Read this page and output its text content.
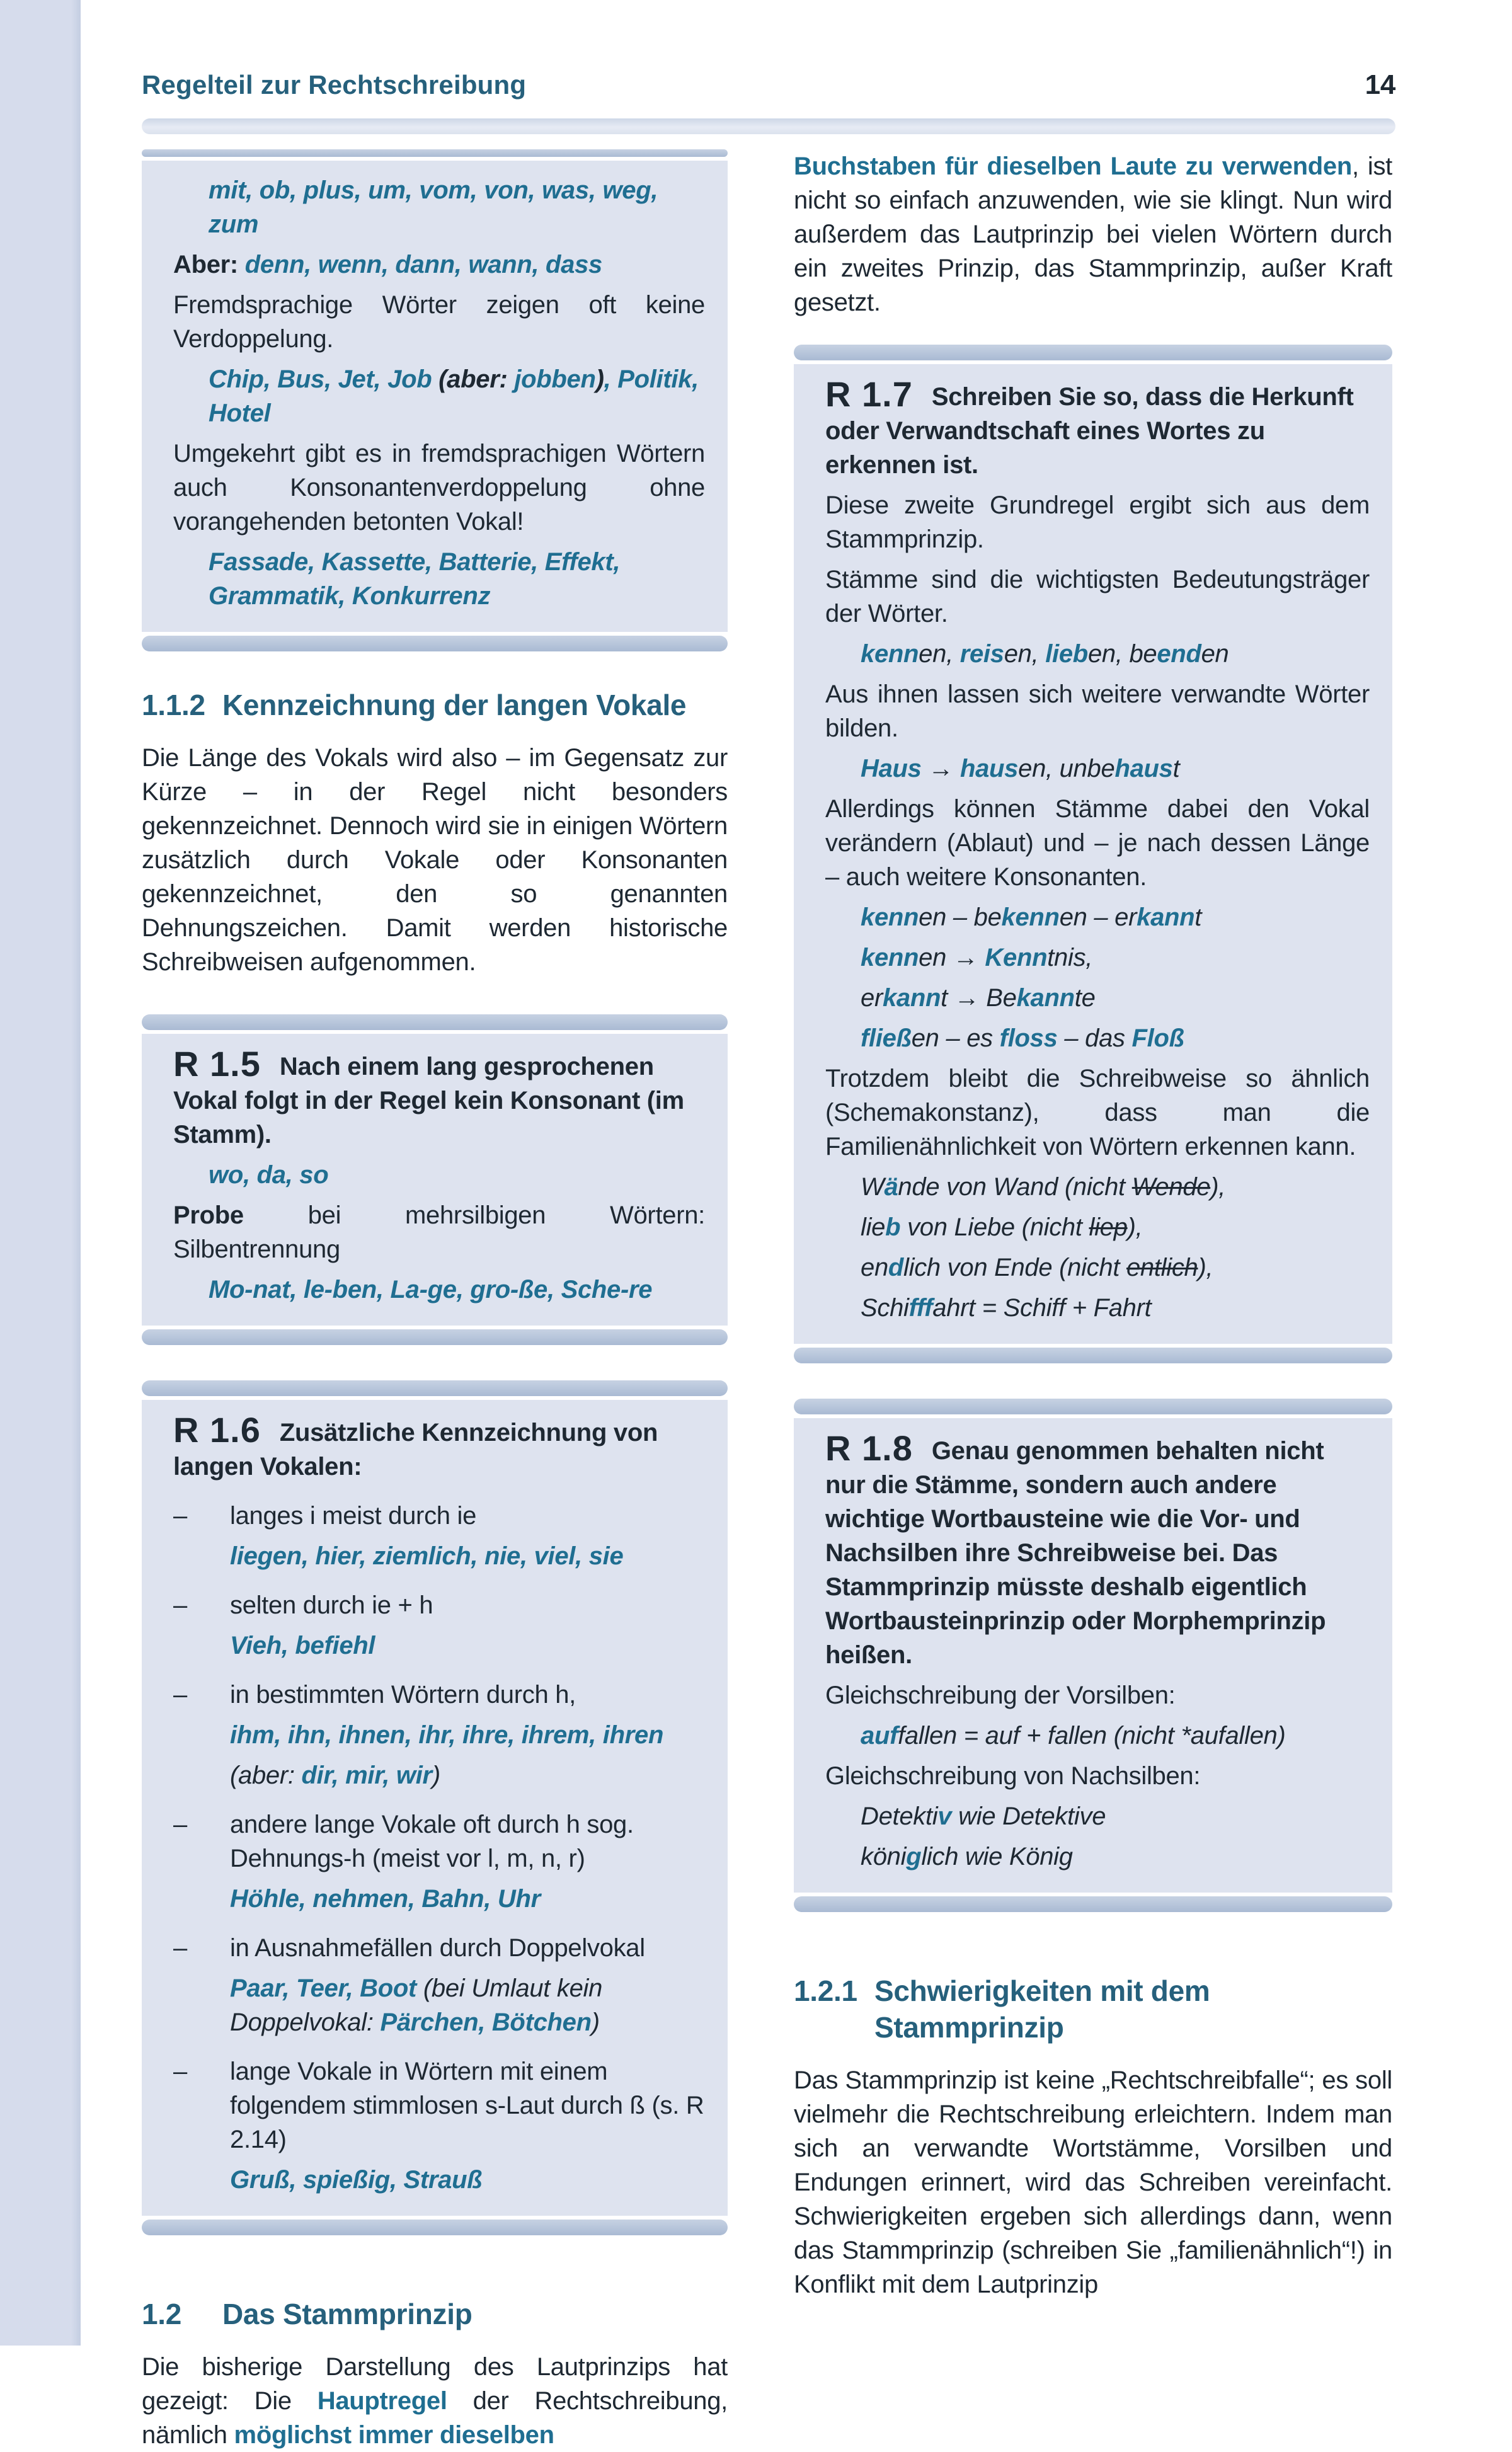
Regelteil zur Rechtschreibung	14
mit, ob, plus, um, vom, von, was, weg, zum
Aber: denn, wenn, dann, wann, dass
Fremdsprachige Wörter zeigen oft keine Verdoppelung.
Chip, Bus, Jet, Job (aber: jobben), Politik, Hotel
Umgekehrt gibt es in fremdsprachigen Wörtern auch Konsonantenverdoppelung ohne vorangehenden betonten Vokal!
Fassade, Kassette, Batterie, Effekt, Grammatik, Konkurrenz
1.1.2 Kennzeichnung der langen Vokale
Die Länge des Vokals wird also – im Gegensatz zur Kürze – in der Regel nicht besonders gekennzeichnet. Dennoch wird sie in einigen Wörtern zusätzlich durch Vokale oder Konsonanten gekennzeichnet, den so genannten Dehnungszeichen. Damit werden historische Schreibweisen aufgenommen.
R 1.5 Nach einem lang gesprochenen Vokal folgt in der Regel kein Konsonant (im Stamm).
wo, da, so
Probe bei mehrsilbigen Wörtern: Silbentrennung
Mo-nat, le-ben, La-ge, gro-ße, Sche-re
R 1.6 Zusätzliche Kennzeichnung von langen Vokalen:
– langes i meist durch ie
liegen, hier, ziemlich, nie, viel, sie
– selten durch ie + h
Vieh, befiehl
– in bestimmten Wörtern durch h,
ihm, ihn, ihnen, ihr, ihre, ihrem, ihren
(aber: dir, mir, wir)
– andere lange Vokale oft durch h sog. Dehnungs-h (meist vor l, m, n, r)
Höhle, nehmen, Bahn, Uhr
– in Ausnahmefällen durch Doppelvokal
Paar, Teer, Boot (bei Umlaut kein Doppelvokal: Pärchen, Bötchen)
– lange Vokale in Wörtern mit einem folgendem stimmlosen s-Laut durch ß (s. R 2.14)
Gruß, spießig, Strauß
1.2 Das Stammprinzip
Die bisherige Darstellung des Lautprinzips hat gezeigt: Die Hauptregel der Rechtschreibung, nämlich möglichst immer dieselben
Buchstaben für dieselben Laute zu verwenden, ist nicht so einfach anzuwenden, wie sie klingt. Nun wird außerdem das Lautprinzip bei vielen Wörtern durch ein zweites Prinzip, das Stammprinzip, außer Kraft gesetzt.
R 1.7 Schreiben Sie so, dass die Herkunft oder Verwandtschaft eines Wortes zu erkennen ist.
Diese zweite Grundregel ergibt sich aus dem Stammprinzip.
Stämme sind die wichtigsten Bedeutungsträger der Wörter.
kennen, reisen, lieben, beenden
Aus ihnen lassen sich weitere verwandte Wörter bilden.
Haus → hausen, unbehaust
Allerdings können Stämme dabei den Vokal verändern (Ablaut) und – je nach dessen Länge – auch weitere Konsonanten.
kennen – bekennen – erkannt
kennen → Kenntnis,
erkannt → Bekannte
fließen – es floss – das Floß
Trotzdem bleibt die Schreibweise so ähnlich (Schemakonstanz), dass man die Familienähnlichkeit von Wörtern erkennen kann.
Wände von Wand (nicht Wende),
lieb von Liebe (nicht liep),
endlich von Ende (nicht entlich),
Schifffahrt = Schiff + Fahrt
R 1.8 Genau genommen behalten nicht nur die Stämme, sondern auch andere wichtige Wortbausteine wie die Vor- und Nachsilben ihre Schreibweise bei. Das Stammprinzip müsste deshalb eigentlich Wortbausteinprinzip oder Morphemprinzip heißen.
Gleichschreibung der Vorsilben:
auffallen = auf + fallen (nicht *aufallen)
Gleichschreibung von Nachsilben:
Detektiv wie Detektive
königlich wie König
1.2.1 Schwierigkeiten mit dem Stammprinzip
Das Stammprinzip ist keine „Rechtschreibfalle“; es soll vielmehr die Rechtschreibung erleichtern. Indem man sich an verwandte Wortstämme, Vorsilben und Endungen erinnert, wird das Schreiben vereinfacht. Schwierigkeiten ergeben sich allerdings dann, wenn das Stammprinzip (schreiben Sie „familienähnlich“!) in Konflikt mit dem Lautprinzip
